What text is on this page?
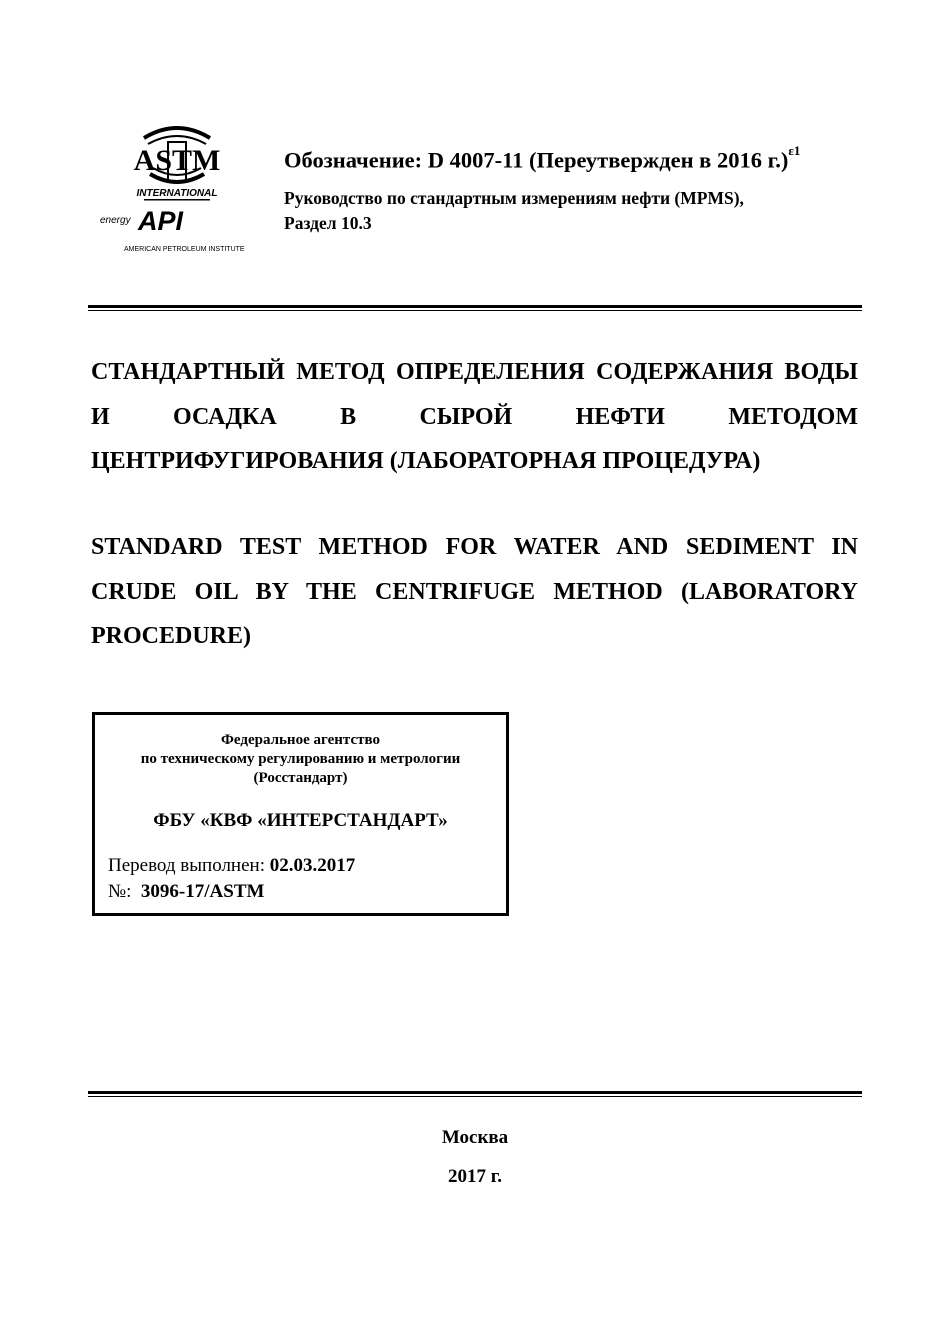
ASTM
INTERNATIONAL
energy API
AMERICAN PETROLEUM INSTITUTE
Обозначение: D 4007-11 (Переутвержден в 2016 г.)$^{\varepsilon 1}$
Руководство по стандартным измерениям нефти (MPMS),
Раздел 10.3
СТАНДАРТНЫЙ МЕТОД ОПРЕДЕЛЕНИЯ СОДЕРЖАНИЯ ВОДЫ И ОСАДКА В СЫРОЙ НЕФТИ МЕТОДОМ ЦЕНТРИФУГИРОВАНИЯ (ЛАБОРАТОРНАЯ ПРОЦЕДУРА)
STANDARD TEST METHOD FOR WATER AND SEDIMENT IN CRUDE OIL BY THE CENTRIFUGE METHOD (LABORATORY PROCEDURE)
Федеральное агентство
по техническому регулированию и метрологии
(Росстандарт)
ФБУ «КВФ «ИНТЕРСТАНДАРТ»
Перевод выполнен: 02.03.2017
№: 3096-17/ASTM
Москва
2017 г.
